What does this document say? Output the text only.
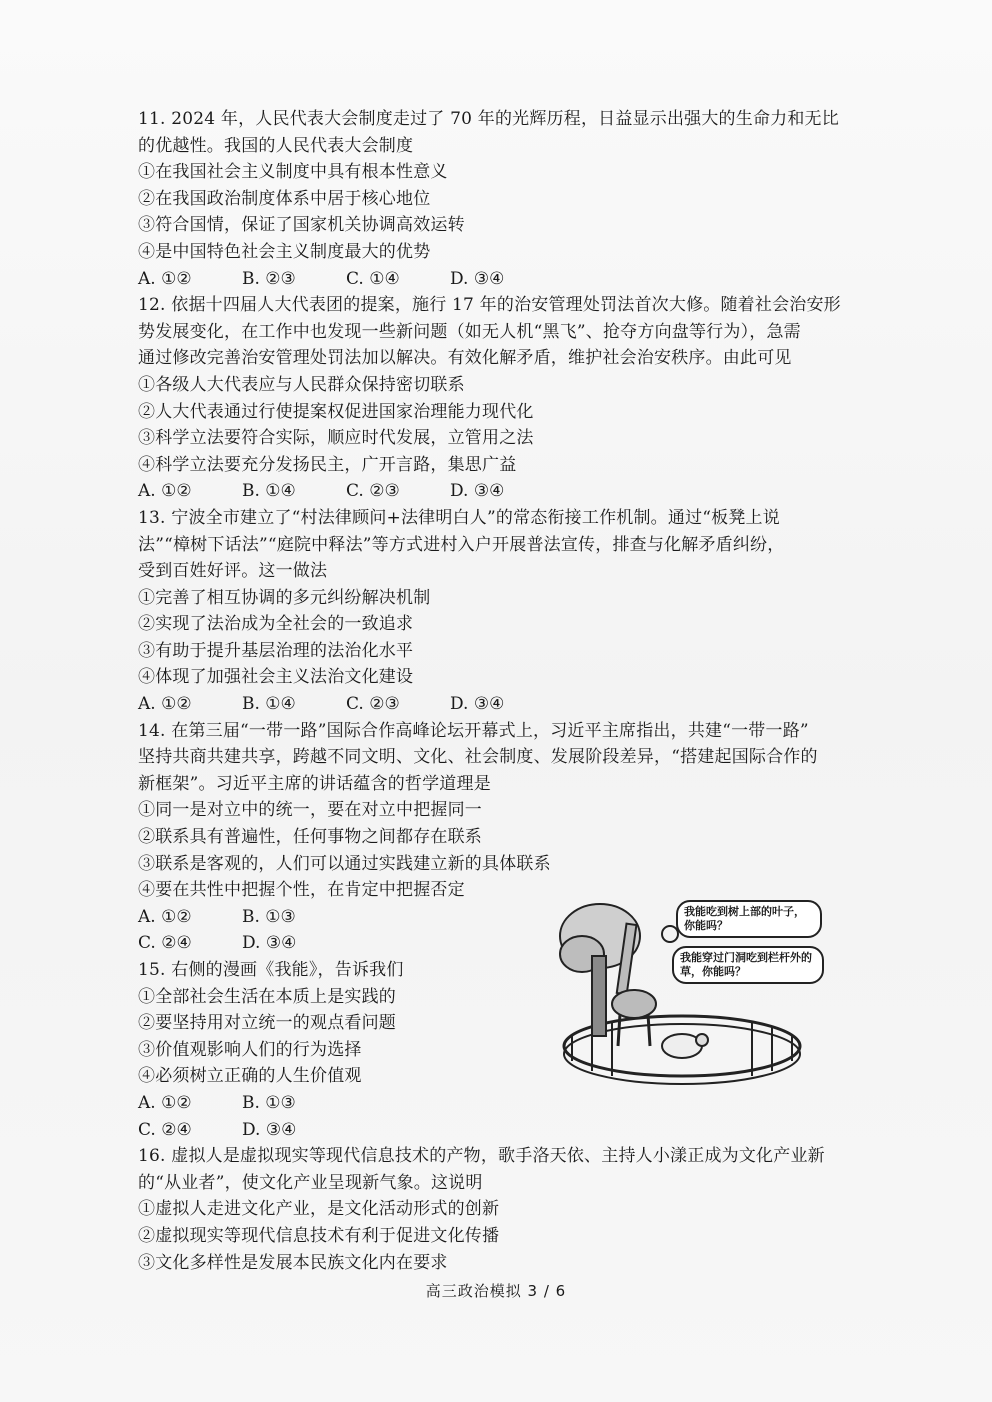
11. 2024 年，人民代表大会制度走过了 70 年的光辉历程，日益显示出强大的生命力和无比
的优越性。我国的人民代表大会制度
①在我国社会主义制度中具有根本性意义
②在我国政治制度体系中居于核心地位
③符合国情，保证了国家机关协调高效运转
④是中国特色社会主义制度最大的优势
A. ①②	B. ②③	C. ①④	D. ③④
12. 依据十四届人大代表团的提案，施行 17 年的治安管理处罚法首次大修。随着社会治安形
势发展变化，在工作中也发现一些新问题（如无人机“黑飞”、抢夺方向盘等行为），急需
通过修改完善治安管理处罚法加以解决。有效化解矛盾，维护社会治安秩序。由此可见
①各级人大代表应与人民群众保持密切联系
②人大代表通过行使提案权促进国家治理能力现代化
③科学立法要符合实际，顺应时代发展，立管用之法
④科学立法要充分发扬民主，广开言路，集思广益
A. ①②	B. ①④	C. ②③	D. ③④
13. 宁波全市建立了“村法律顾问+法律明白人”的常态衔接工作机制。通过“板凳上说
法”“樟树下话法”“庭院中释法”等方式进村入户开展普法宣传，排查与化解矛盾纠纷，
受到百姓好评。这一做法
①完善了相互协调的多元纠纷解决机制
②实现了法治成为全社会的一致追求
③有助于提升基层治理的法治化水平
④体现了加强社会主义法治文化建设
A. ①②	B. ①④	C. ②③	D. ③④
14. 在第三届“一带一路”国际合作高峰论坛开幕式上，习近平主席指出，共建“一带一路”
坚持共商共建共享，跨越不同文明、文化、社会制度、发展阶段差异，“搭建起国际合作的
新框架”。习近平主席的讲话蕴含的哲学道理是
①同一是对立中的统一，要在对立中把握同一
②联系具有普遍性，任何事物之间都存在联系
③联系是客观的，人们可以通过实践建立新的具体联系
④要在共性中把握个性，在肯定中把握否定
A. ①②	B. ①③
C. ②④	D. ③④
15. 右侧的漫画《我能》，告诉我们
①全部社会生活在本质上是实践的
②要坚持用对立统一的观点看问题
③价值观影响人们的行为选择
④必须树立正确的人生价值观
A. ①②	B. ①③
C. ②④	D. ③④
16. 虚拟人是虚拟现实等现代信息技术的产物，歌手洛天依、主持人小漾正成为文化产业新
的“从业者”，使文化产业呈现新气象。这说明
①虚拟人走进文化产业，是文化活动形式的创新
②虚拟现实等现代信息技术有利于促进文化传播
③文化多样性是发展本民族文化内在要求
我能吃到树上部的叶子，你能吗？
我能穿过门洞吃到栏杆外的草，你能吗？
高三政治模拟 3 / 6
